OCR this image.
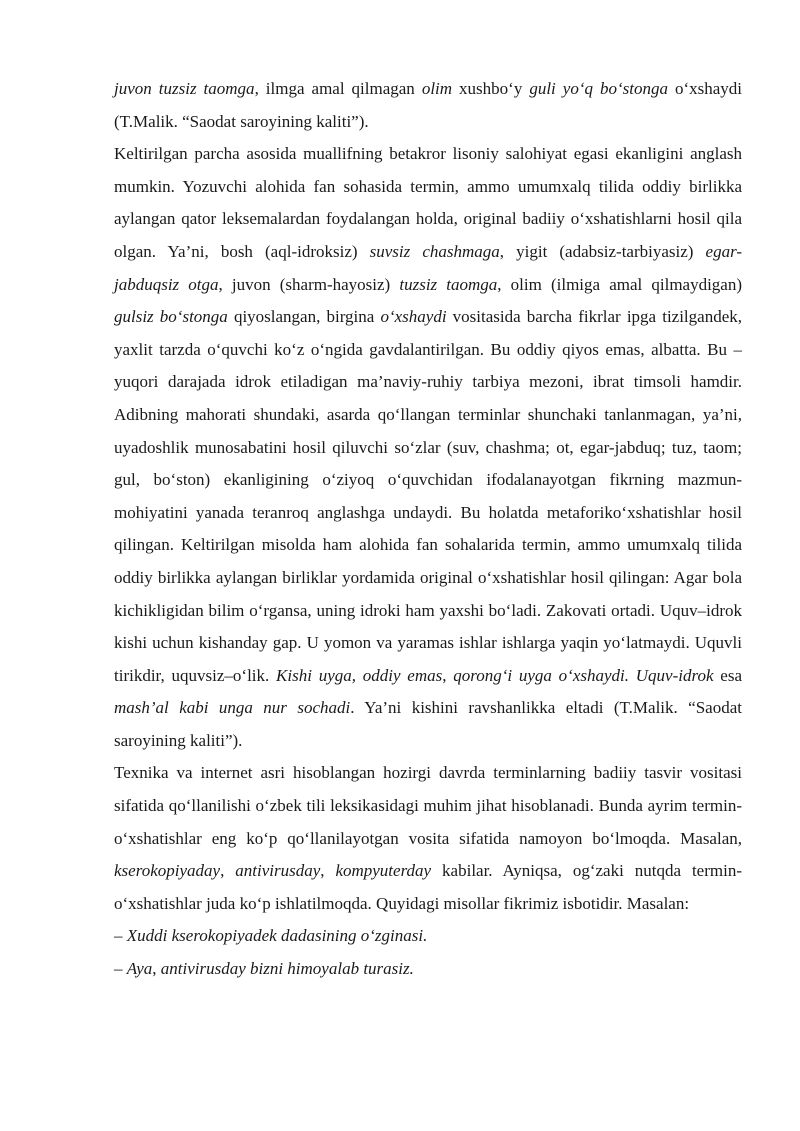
juvon tuzsiz taomga, ilmga amal qilmagan olim xushbo‘y guli yo‘q bo‘stonga o‘xshaydi (T.Malik. “Saodat saroyining kaliti”).

Keltirilgan parcha asosida muallifning betakror lisoniy salohiyat egasi ekanligini anglash mumkin. Yozuvchi alohida fan sohasida termin, ammo umumxalq tilida oddiy birlikka aylangan qator leksemalardan foydalangan holda, original badiiy o‘xshatishlarni hosil qila olgan. Ya’ni, bosh (aql-idroksiz) suvsiz chashmaga, yigit (adabsiz-tarbiyasiz) egar-jabduqsiz otga, juvon (sharm-hayosiz) tuzsiz taomga, olim (ilmiga amal qilmaydigan) gulsiz bo‘stonga qiyoslangan, birgina o‘xshaydi vositasida barcha fikrlar ipga tizilgandek, yaxlit tarzda o‘quvchi ko‘z o‘ngida gavdalantirilgan. Bu oddiy qiyos emas, albatta. Bu – yuqori darajada idrok etiladigan ma’naviy-ruhiy tarbiya mezoni, ibrat timsoli hamdir. Adibning mahorati shundaki, asarda qo‘llangan terminlar shunchaki tanlanmagan, ya’ni, uyadoshlik munosabatini hosil qiluvchi so‘zlar (suv, chashma; ot, egar-jabduq; tuz, taom; gul, bo‘ston) ekanligining o‘ziyoq o‘quvchidan ifodalanayotgan fikrning mazmun-mohiyatini yanada teranroq anglashga undaydi. Bu holatda metaforiko‘xshatishlar hosil qilingan. Keltirilgan misolda ham alohida fan sohalarida termin, ammo umumxalq tilida oddiy birlikka aylangan birliklar yordamida original o‘xshatishlar hosil qilingan: Agar bola kichikligidan bilim o‘rgansa, uning idroki ham yaxshi bo‘ladi. Zakovati ortadi. Uquv–idrok kishi uchun kishanday gap. U yomon va yaramas ishlar ishlarga yaqin yo‘latmaydi. Uquvli tirikdir, uquvsiz–o‘lik. Kishi uyga, oddiy emas, qorong‘i uyga o‘xshaydi. Uquv-idrok esa mash’al kabi unga nur sochadi. Ya’ni kishini ravshanlikka eltadi (T.Malik. “Saodat saroyining kaliti”).

Texnika va internet asri hisoblangan hozirgi davrda terminlarning badiiy tasvir vositasi sifatida qo‘llanilishi o‘zbek tili leksikasidagi muhim jihat hisoblanadi. Bunda ayrim termin-o‘xshatishlar eng ko‘p qo‘llanilayotgan vosita sifatida namoyon bo‘lmoqda. Masalan, kserokopiyaday, antivirusday, kompyuterday kabilar. Ayniqsa, og‘zaki nutqda termin-o‘xshatishlar juda ko‘p ishlatilmoqda. Quyidagi misollar fikrimiz isbotidir. Masalan:

– Xuddi kserokopiyadek dadasining o‘zginasi.

– Aya, antivirusday bizni himoyalab turasiz.
